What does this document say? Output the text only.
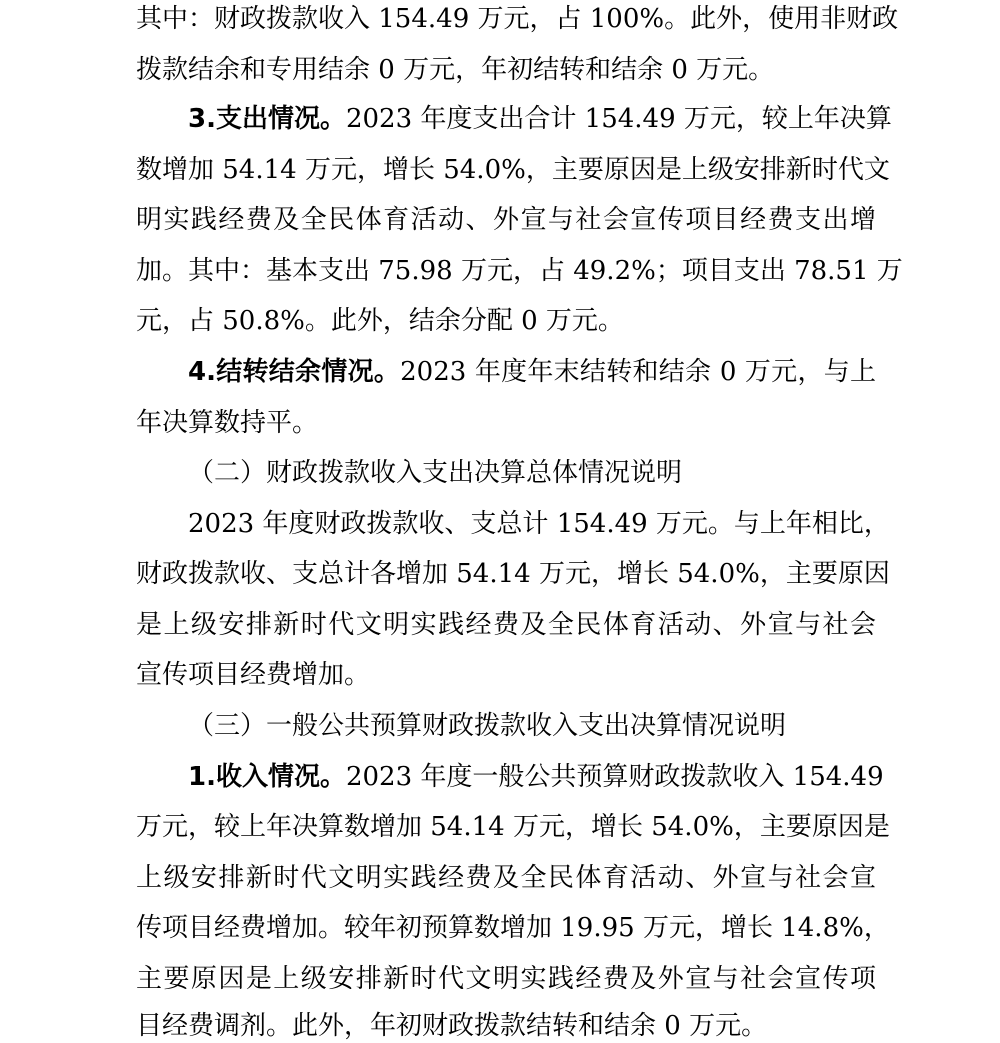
其中：财政拨款收入 154.49 万元，占 100%。此外，使用非财政
拨款结余和专用结余 0 万元，年初结转和结余 0 万元。
3.支出情况。2023 年度支出合计 154.49 万元，较上年决算
数增加 54.14 万元，增长 54.0%，主要原因是上级安排新时代文
明实践经费及全民体育活动、外宣与社会宣传项目经费支出增
加。其中：基本支出 75.98 万元，占 49.2%；项目支出 78.51 万
元，占 50.8%。此外，结余分配 0 万元。
4.结转结余情况。2023 年度年末结转和结余 0 万元，与上
年决算数持平。
（二）财政拨款收入支出决算总体情况说明
2023 年度财政拨款收、支总计 154.49 万元。与上年相比，
财政拨款收、支总计各增加 54.14 万元，增长 54.0%，主要原因
是上级安排新时代文明实践经费及全民体育活动、外宣与社会
宣传项目经费增加。
（三）一般公共预算财政拨款收入支出决算情况说明
1.收入情况。2023 年度一般公共预算财政拨款收入 154.49
万元，较上年决算数增加 54.14 万元，增长 54.0%，主要原因是
上级安排新时代文明实践经费及全民体育活动、外宣与社会宣
传项目经费增加。较年初预算数增加 19.95 万元，增长 14.8%，
主要原因是上级安排新时代文明实践经费及外宣与社会宣传项
目经费调剂。此外，年初财政拨款结转和结余 0 万元。
